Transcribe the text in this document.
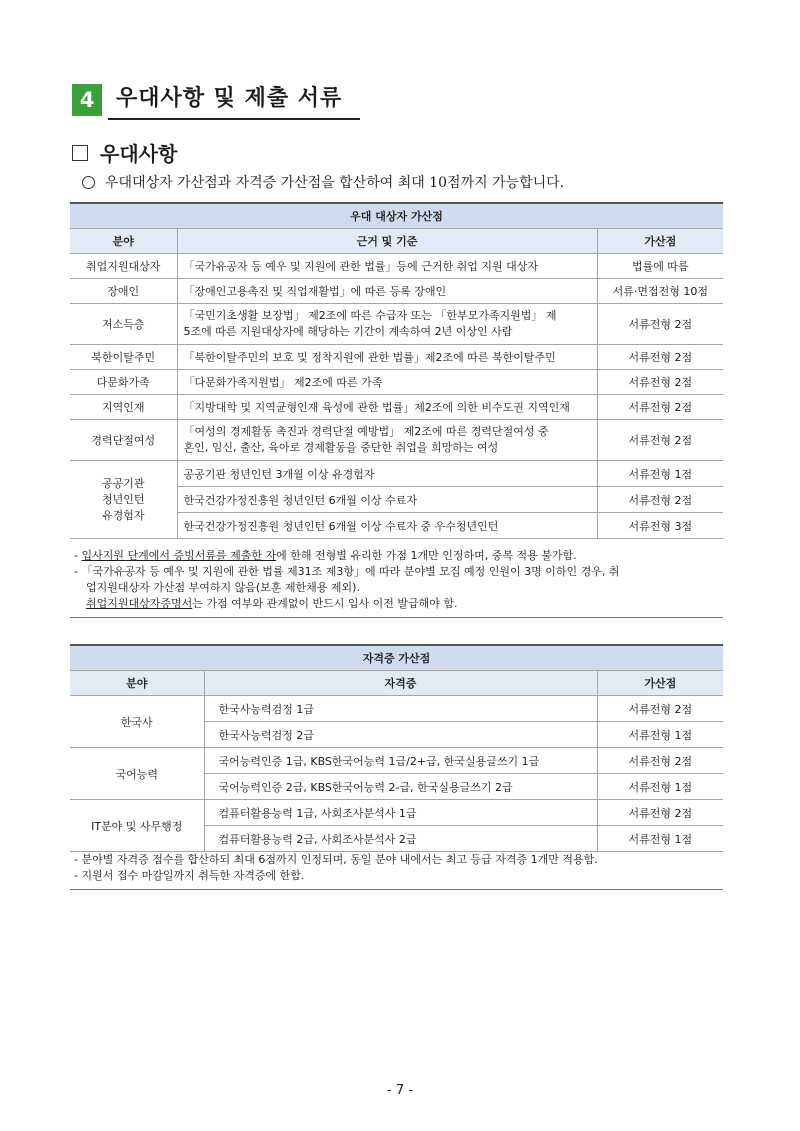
4 우대사항 및 제출 서류
우대사항
우대대상자 가산점과 자격증 가산점을 합산하여 최대 10점까지 가능합니다.
우대 대상자 가산점		
분야	근거 및 기준	가산점
취업지원대상자	「국가유공자 등 예우 및 지원에 관한 법률」등에 근거한 취업 지원 대상자	법률에 따름
장애인	「장애인고용촉진 및 직업재활법」에 따른 등록 장애인	서류·면접전형 10점
저소득층	「국민기초생활 보장법」 제2조에 따른 수급자 또는 「한부모가족지원법」 제
5조에 따른 지원대상자에 해당하는 기간이 계속하여 2년 이상인 사람	서류전형 2점
북한이탈주민	「북한이탈주민의 보호 및 정착지원에 관한 법률」제2조에 따른 북한이탈주민	서류전형 2점
다문화가족	「다문화가족지원법」 제2조에 따른 가족	서류전형 2점
지역인재	「지방대학 및 지역균형인재 육성에 관한 법률」제2조에 의한 비수도권 지역인재	서류전형 2점
경력단절여성	「여성의 경제활동 촉진과 경력단절 예방법」 제2조에 따른 경력단절여성 중
혼인, 임신, 출산, 육아로 경제활동을 중단한 취업을 희망하는 여성	서류전형 2점

공공기관
청년인턴
유경험자	공공기관 청년인턴 3개월 이상 유경험자	서류전형 1점
	한국건강가정진흥원 청년인턴 6개월 이상 수료자	서류전형 2점
	한국건강가정진흥원 청년인턴 6개월 이상 수료자 중 우수청년인턴	서류전형 3점

- 입사지원 단계에서 증빙서류를 제출한 자에 한해 전형별 유리한 가점 1개만 인정하며, 중복 적용 불가함.

- 「국가유공자 등 예우 및 지원에 관한 법률 제31조 제3항」에 따라 분야별 모집 예정 인원이 3명 이하인 경우, 취

업지원대상자 가산점 부여하지 않음(보훈 제한채용 제외).

취업지원대상자증명서는 가점 여부와 관계없이 반드시 입사 이전 발급해야 함.

자격증 가산점		
분야	자격증	가산점
한국사	한국사능력검정 1급	서류전형 2점
	한국사능력검정 2급	서류전형 1점
국어능력	국어능력인증 1급, KBS한국어능력 1급/2+급, 한국실용글쓰기 1급	서류전형 2점
	국어능력인증 2급, KBS한국어능력 2-급, 한국실용글쓰기 2급	서류전형 1점
IT분야 및 사무행정	컴퓨터활용능력 1급, 사회조사분석사 1급	서류전형 2점
	컴퓨터활용능력 2급, 사회조사분석사 2급	서류전형 1점

- 분야별 자격증 점수를 합산하되 최대 6점까지 인정되며, 동일 분야 내에서는 최고 등급 자격증 1개만 적용함.

- 지원서 접수 마감일까지 취득한 자격증에 한함.

- 7 -
